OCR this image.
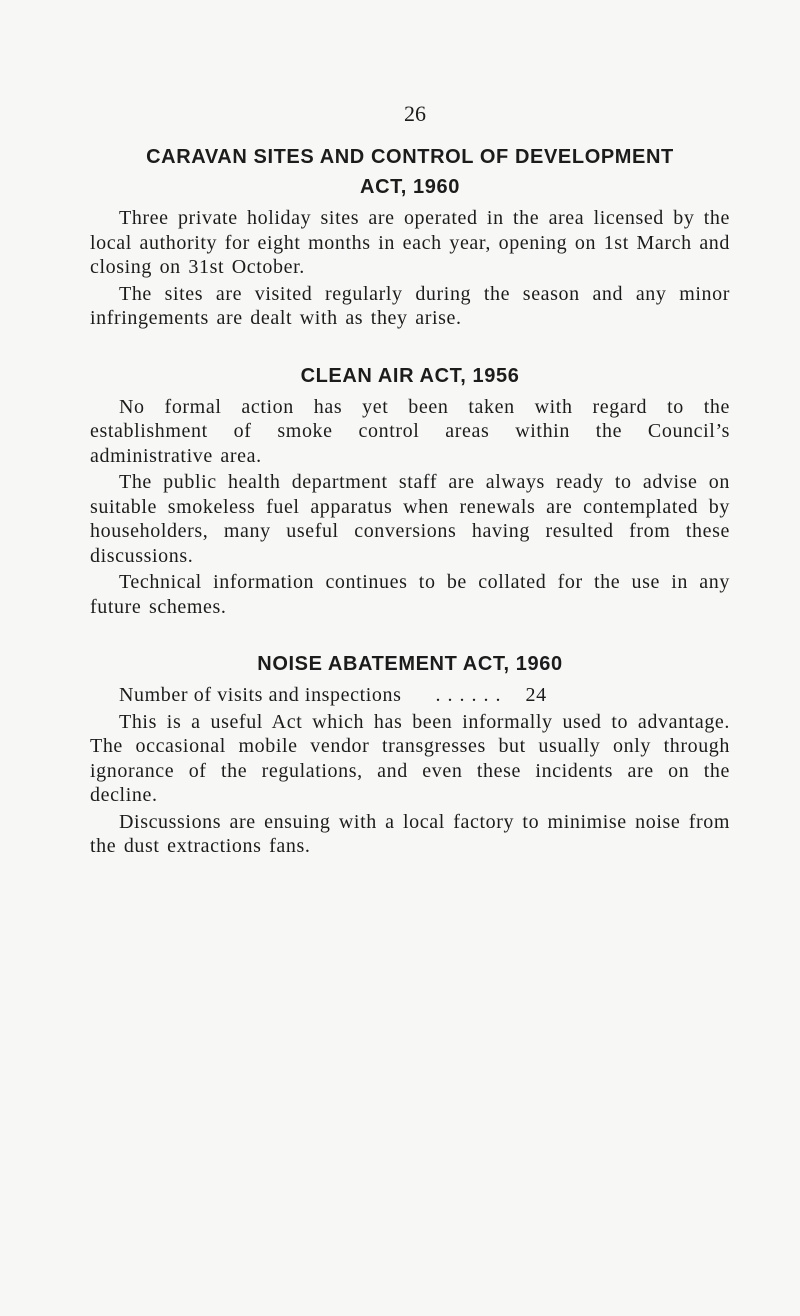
26
CARAVAN SITES AND CONTROL OF DEVELOPMENT
ACT, 1960

Three private holiday sites are operated in the area licensed by the local authority for eight months in each year, opening on 1st March and closing on 31st October.

The sites are visited regularly during the season and any minor infringements are dealt with as they arise.

CLEAN AIR ACT, 1956

No formal action has yet been taken with regard to the establishment of smoke control areas within the Council’s administrative area.

The public health department staff are always ready to advise on suitable smokeless fuel apparatus when renewals are contemplated by householders, many useful conversions having resulted from these discussions.

Technical information continues to be collated for the use in any future schemes.

NOISE ABATEMENT ACT, 1960
Number of visits and inspections . . . . . . 24

This is a useful Act which has been informally used to advantage. The occasional mobile vendor transgresses but usually only through ignorance of the regulations, and even these incidents are on the decline.

Discussions are ensuing with a local factory to minimise noise from the dust extractions fans.
